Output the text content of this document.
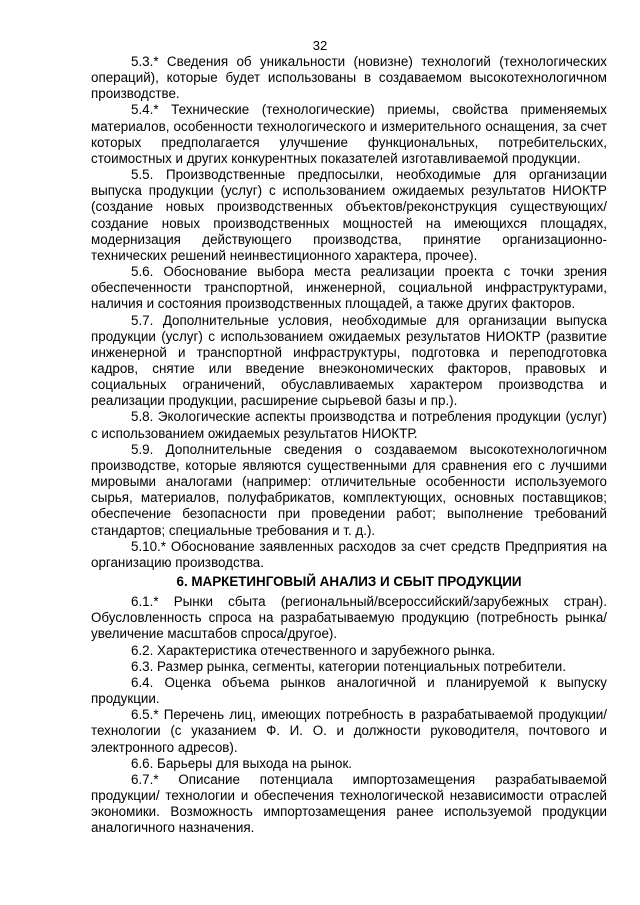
32

5.3.* Сведения об уникальности (новизне) технологий (технологических операций), которые будет использованы в создаваемом высокотехнологичном производстве.

5.4.* Технические (технологические) приемы, свойства применяемых материалов, особенности технологического и измерительного оснащения, за счет которых предполагается улучшение функциональных, потребительских, стоимостных и других конкурентных показателей изготавливаемой продукции.

5.5. Производственные предпосылки, необходимые для организации выпуска продукции (услуг) с использованием ожидаемых результатов НИОКТР (создание новых производственных объектов/реконструкция существующих/создание новых производственных мощностей на имеющихся площадях, модернизация действующего производства, принятие организационно-технических решений неинвестиционного характера, прочее).

5.6. Обоснование выбора места реализации проекта с точки зрения обеспеченности транспортной, инженерной, социальной инфраструктурами, наличия и состояния производственных площадей, а также других факторов.

5.7. Дополнительные условия, необходимые для организации выпуска продукции (услуг) с использованием ожидаемых результатов НИОКТР (развитие инженерной и транспортной инфраструктуры, подготовка и переподготовка кадров, снятие или введение внеэкономических факторов, правовых и социальных ограничений, обуславливаемых характером производства и реализации продукции, расширение сырьевой базы и пр.).

5.8. Экологические аспекты производства и потребления продукции (услуг) с использованием ожидаемых результатов НИОКТР.

5.9. Дополнительные сведения о создаваемом высокотехнологичном производстве, которые являются существенными для сравнения его с лучшими мировыми аналогами (например: отличительные особенности используемого сырья, материалов, полуфабрикатов, комплектующих, основных поставщиков; обеспечение безопасности при проведении работ; выполнение требований стандартов; специальные требования и т. д.).

5.10.* Обоснование заявленных расходов за счет средств Предприятия на организацию производства.

6. МАРКЕТИНГОВЫЙ АНАЛИЗ И СБЫТ ПРОДУКЦИИ

6.1.* Рынки сбыта (региональный/всероссийский/зарубежных стран). Обусловленность спроса на разрабатываемую продукцию (потребность рынка/увеличение масштабов спроса/другое).

6.2. Характеристика отечественного и зарубежного рынка.

6.3. Размер рынка, сегменты, категории потенциальных потребители.

6.4. Оценка объема рынков аналогичной и планируемой к выпуску продукции.

6.5.* Перечень лиц, имеющих потребность в разрабатываемой продукции/технологии (с указанием Ф. И. О. и должности руководителя, почтового и электронного адресов).

6.6. Барьеры для выхода на рынок.

6.7.* Описание потенциала импортозамещения разрабатываемой продукции/ технологии и обеспечения технологической независимости отраслей экономики. Возможность импортозамещения ранее используемой продукции аналогичного назначения.
